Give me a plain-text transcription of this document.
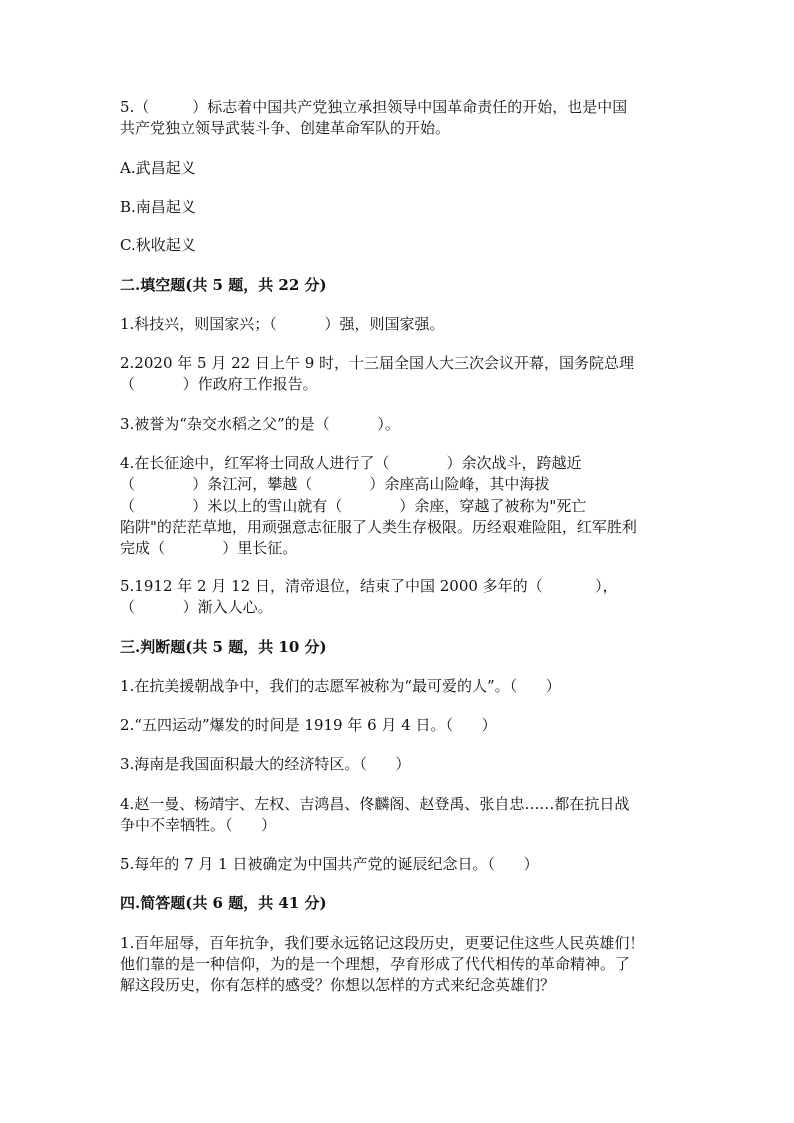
5.（         ）标志着中国共产党独立承担领导中国革命责任的开始，也是中国
共产党独立领导武装斗争、创建革命军队的开始。
A.武昌起义
B.南昌起义
C.秋收起义
二.填空题(共 5 题，共 22 分)
1.科技兴，则国家兴；（          ）强，则国家强。
2.2020 年 5 月 22 日上午 9 时，十三届全国人大三次会议开幕，国务院总理
（          ）作政府工作报告。
3.被誉为“杂交水稻之父”的是（          ）。
4.在长征途中，红军将士同敌人进行了（            ）余次战斗，跨越近
（            ）条江河，攀越（            ）余座高山险峰，其中海拔
（            ）米以上的雪山就有（            ）余座，穿越了被称为"死亡
陷阱"的茫茫草地，用顽强意志征服了人类生存极限。历经艰难险阻，红军胜利
完成（            ）里长征。
5.1912 年 2 月 12 日，清帝退位，结束了中国 2000 多年的（           ），
（          ）渐入人心。
三.判断题(共 5 题，共 10 分)
1.在抗美援朝战争中，我们的志愿军被称为“最可爱的人”。（      ）
2.“五四运动”爆发的时间是 1919 年 6 月 4 日。（      ）
3.海南是我国面积最大的经济特区。（      ）
4.赵一曼、杨靖宇、左权、吉鸿昌、佟麟阁、赵登禹、张自忠……都在抗日战
争中不幸牺牲。（      ）
5.每年的 7 月 1 日被确定为中国共产党的诞辰纪念日。（      ）
四.简答题(共 6 题，共 41 分)
1.百年屈辱，百年抗争，我们要永远铭记这段历史，更要记住这些人民英雄们！
他们靠的是一种信仰，为的是一个理想，孕育形成了代代相传的革命精神。了
解这段历史，你有怎样的感受？你想以怎样的方式来纪念英雄们？
